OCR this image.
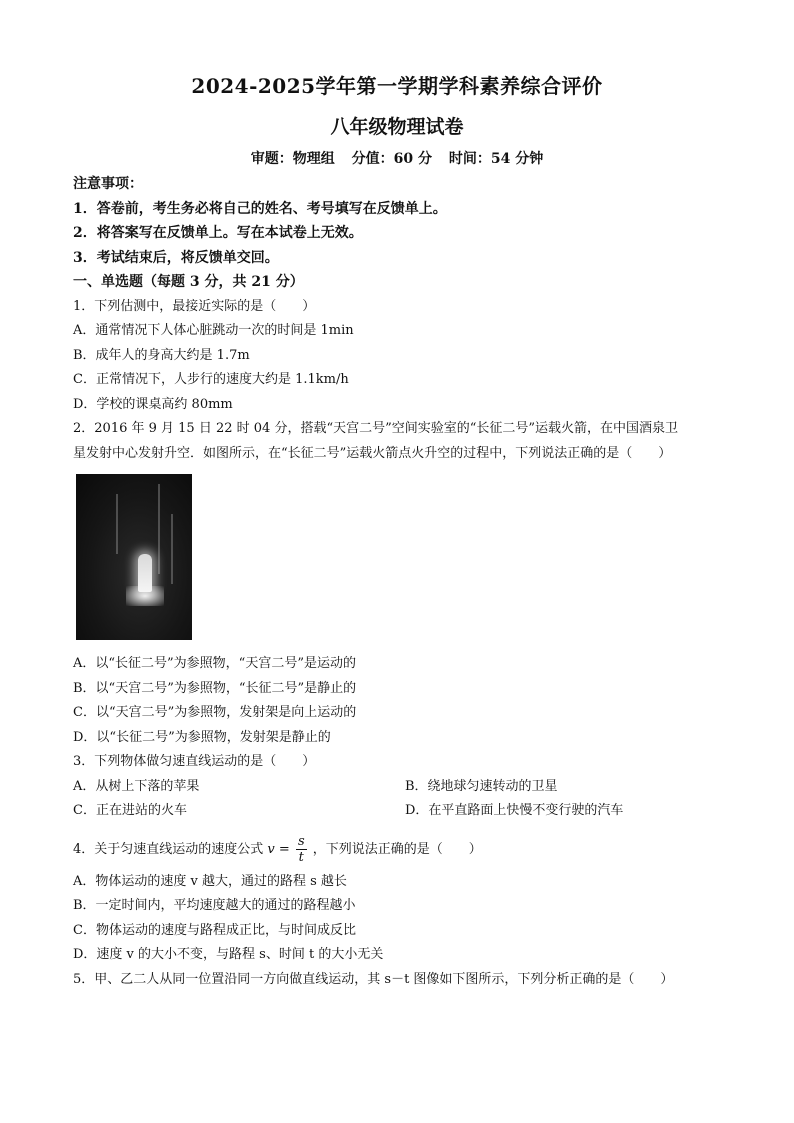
2024-2025学年第一学期学科素养综合评价
八年级物理试卷
审题：物理组 分值：60 分 时间：54 分钟
注意事项：
1．答卷前，考生务必将自己的姓名、考号填写在反馈单上。
2．将答案写在反馈单上。写在本试卷上无效。
3．考试结束后，将反馈单交回。
一、单选题（每题 3 分，共 21 分）
1．下列估测中，最接近实际的是（　　）
A．通常情况下人体心脏跳动一次的时间是 1min
B．成年人的身高大约是 1.7m
C．正常情况下，人步行的速度大约是 1.1km/h
D．学校的课桌高约 80mm
2．2016 年 9 月 15 日 22 时 04 分，搭载“天宫二号”空间实验室的“长征二号”运载火箭，在中国酒泉卫
星发射中心发射升空．如图所示，在“长征二号”运载火箭点火升空的过程中，下列说法正确的是（　　）
A．以“长征二号”为参照物，“天宫二号”是运动的
B．以“天宫二号”为参照物，“长征二号”是静止的
C．以“天宫二号”为参照物，发射架是向上运动的
D．以“长征二号”为参照物，发射架是静止的
3．下列物体做匀速直线运动的是（　　）
A．从树上下落的苹果	B．绕地球匀速转动的卫星
C．正在进站的火车	D．在平直路面上快慢不变行驶的汽车
4．关于匀速直线运动的速度公式 $v = \frac{s}{t}$ ，下列说法正确的是（　　）
A．物体运动的速度 v 越大，通过的路程 s 越长
B．一定时间内，平均速度越大的通过的路程越小
C．物体运动的速度与路程成正比，与时间成反比
D．速度 v 的大小不变，与路程 s、时间 t 的大小无关
5．甲、乙二人从同一位置沿同一方向做直线运动，其 s－t 图像如下图所示，下列分析正确的是（　　）
